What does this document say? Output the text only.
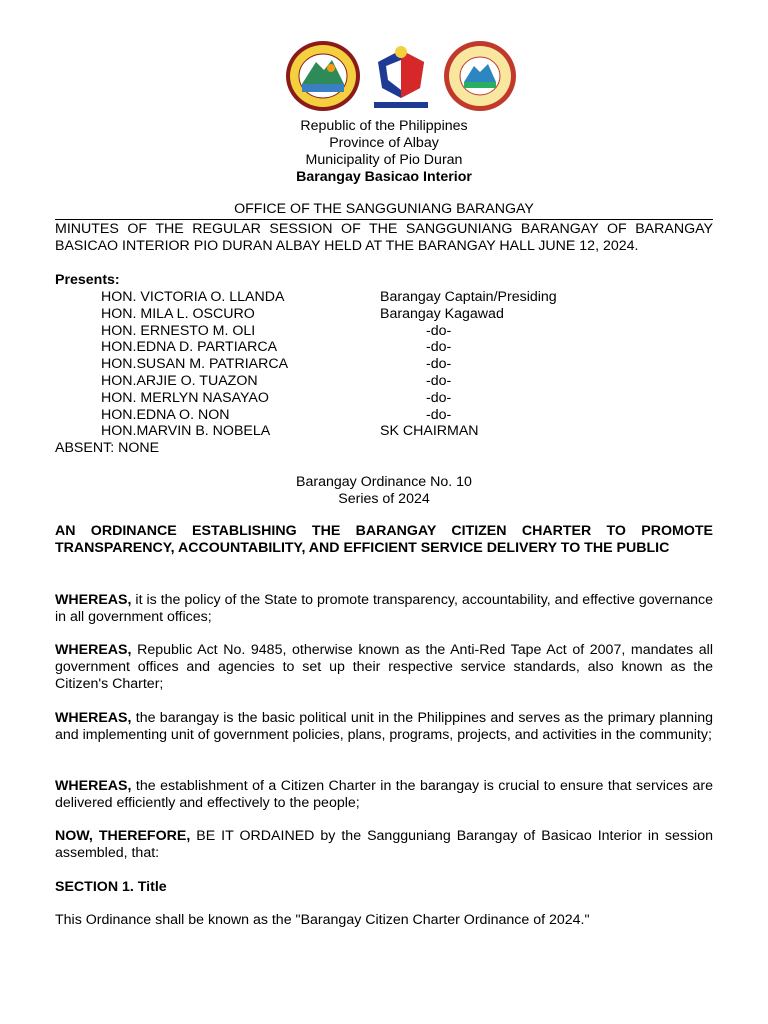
Republic of the Philippines
Province of Albay
Municipality of Pio Duran
Barangay Basicao Interior
OFFICE OF THE SANGGUNIANG BARANGAY
MINUTES OF THE REGULAR SESSION OF THE SANGGUNIANG BARANGAY OF BARANGAY BASICAO INTERIOR PIO DURAN ALBAY HELD AT THE BARANGAY HALL JUNE 12, 2024.
Presents:
HON. VICTORIA O. LLANDA	Barangay Captain/Presiding
HON. MILA L. OSCURO	Barangay Kagawad
HON. ERNESTO M. OLI	-do-
HON.EDNA D. PARTIARCA	-do-
HON.SUSAN M. PATRIARCA	-do-
HON.ARJIE O. TUAZON	-do-
HON. MERLYN NASAYAO	-do-
HON.EDNA O. NON	-do-
HON.MARVIN B. NOBELA	SK CHAIRMAN
ABSENT: NONE
Barangay Ordinance No. 10
Series of 2024
AN ORDINANCE ESTABLISHING THE BARANGAY CITIZEN CHARTER TO PROMOTE TRANSPARENCY, ACCOUNTABILITY, AND EFFICIENT SERVICE DELIVERY TO THE PUBLIC
WHEREAS, it is the policy of the State to promote transparency, accountability, and effective governance in all government offices;
WHEREAS, Republic Act No. 9485, otherwise known as the Anti-Red Tape Act of 2007, mandates all government offices and agencies to set up their respective service standards, also known as the Citizen's Charter;
WHEREAS, the barangay is the basic political unit in the Philippines and serves as the primary planning and implementing unit of government policies, plans, programs, projects, and activities in the community;
WHEREAS, the establishment of a Citizen Charter in the barangay is crucial to ensure that services are delivered efficiently and effectively to the people;
NOW, THEREFORE, BE IT ORDAINED by the Sangguniang Barangay of Basicao Interior in session assembled, that:
SECTION 1. Title
This Ordinance shall be known as the "Barangay Citizen Charter Ordinance of 2024."
